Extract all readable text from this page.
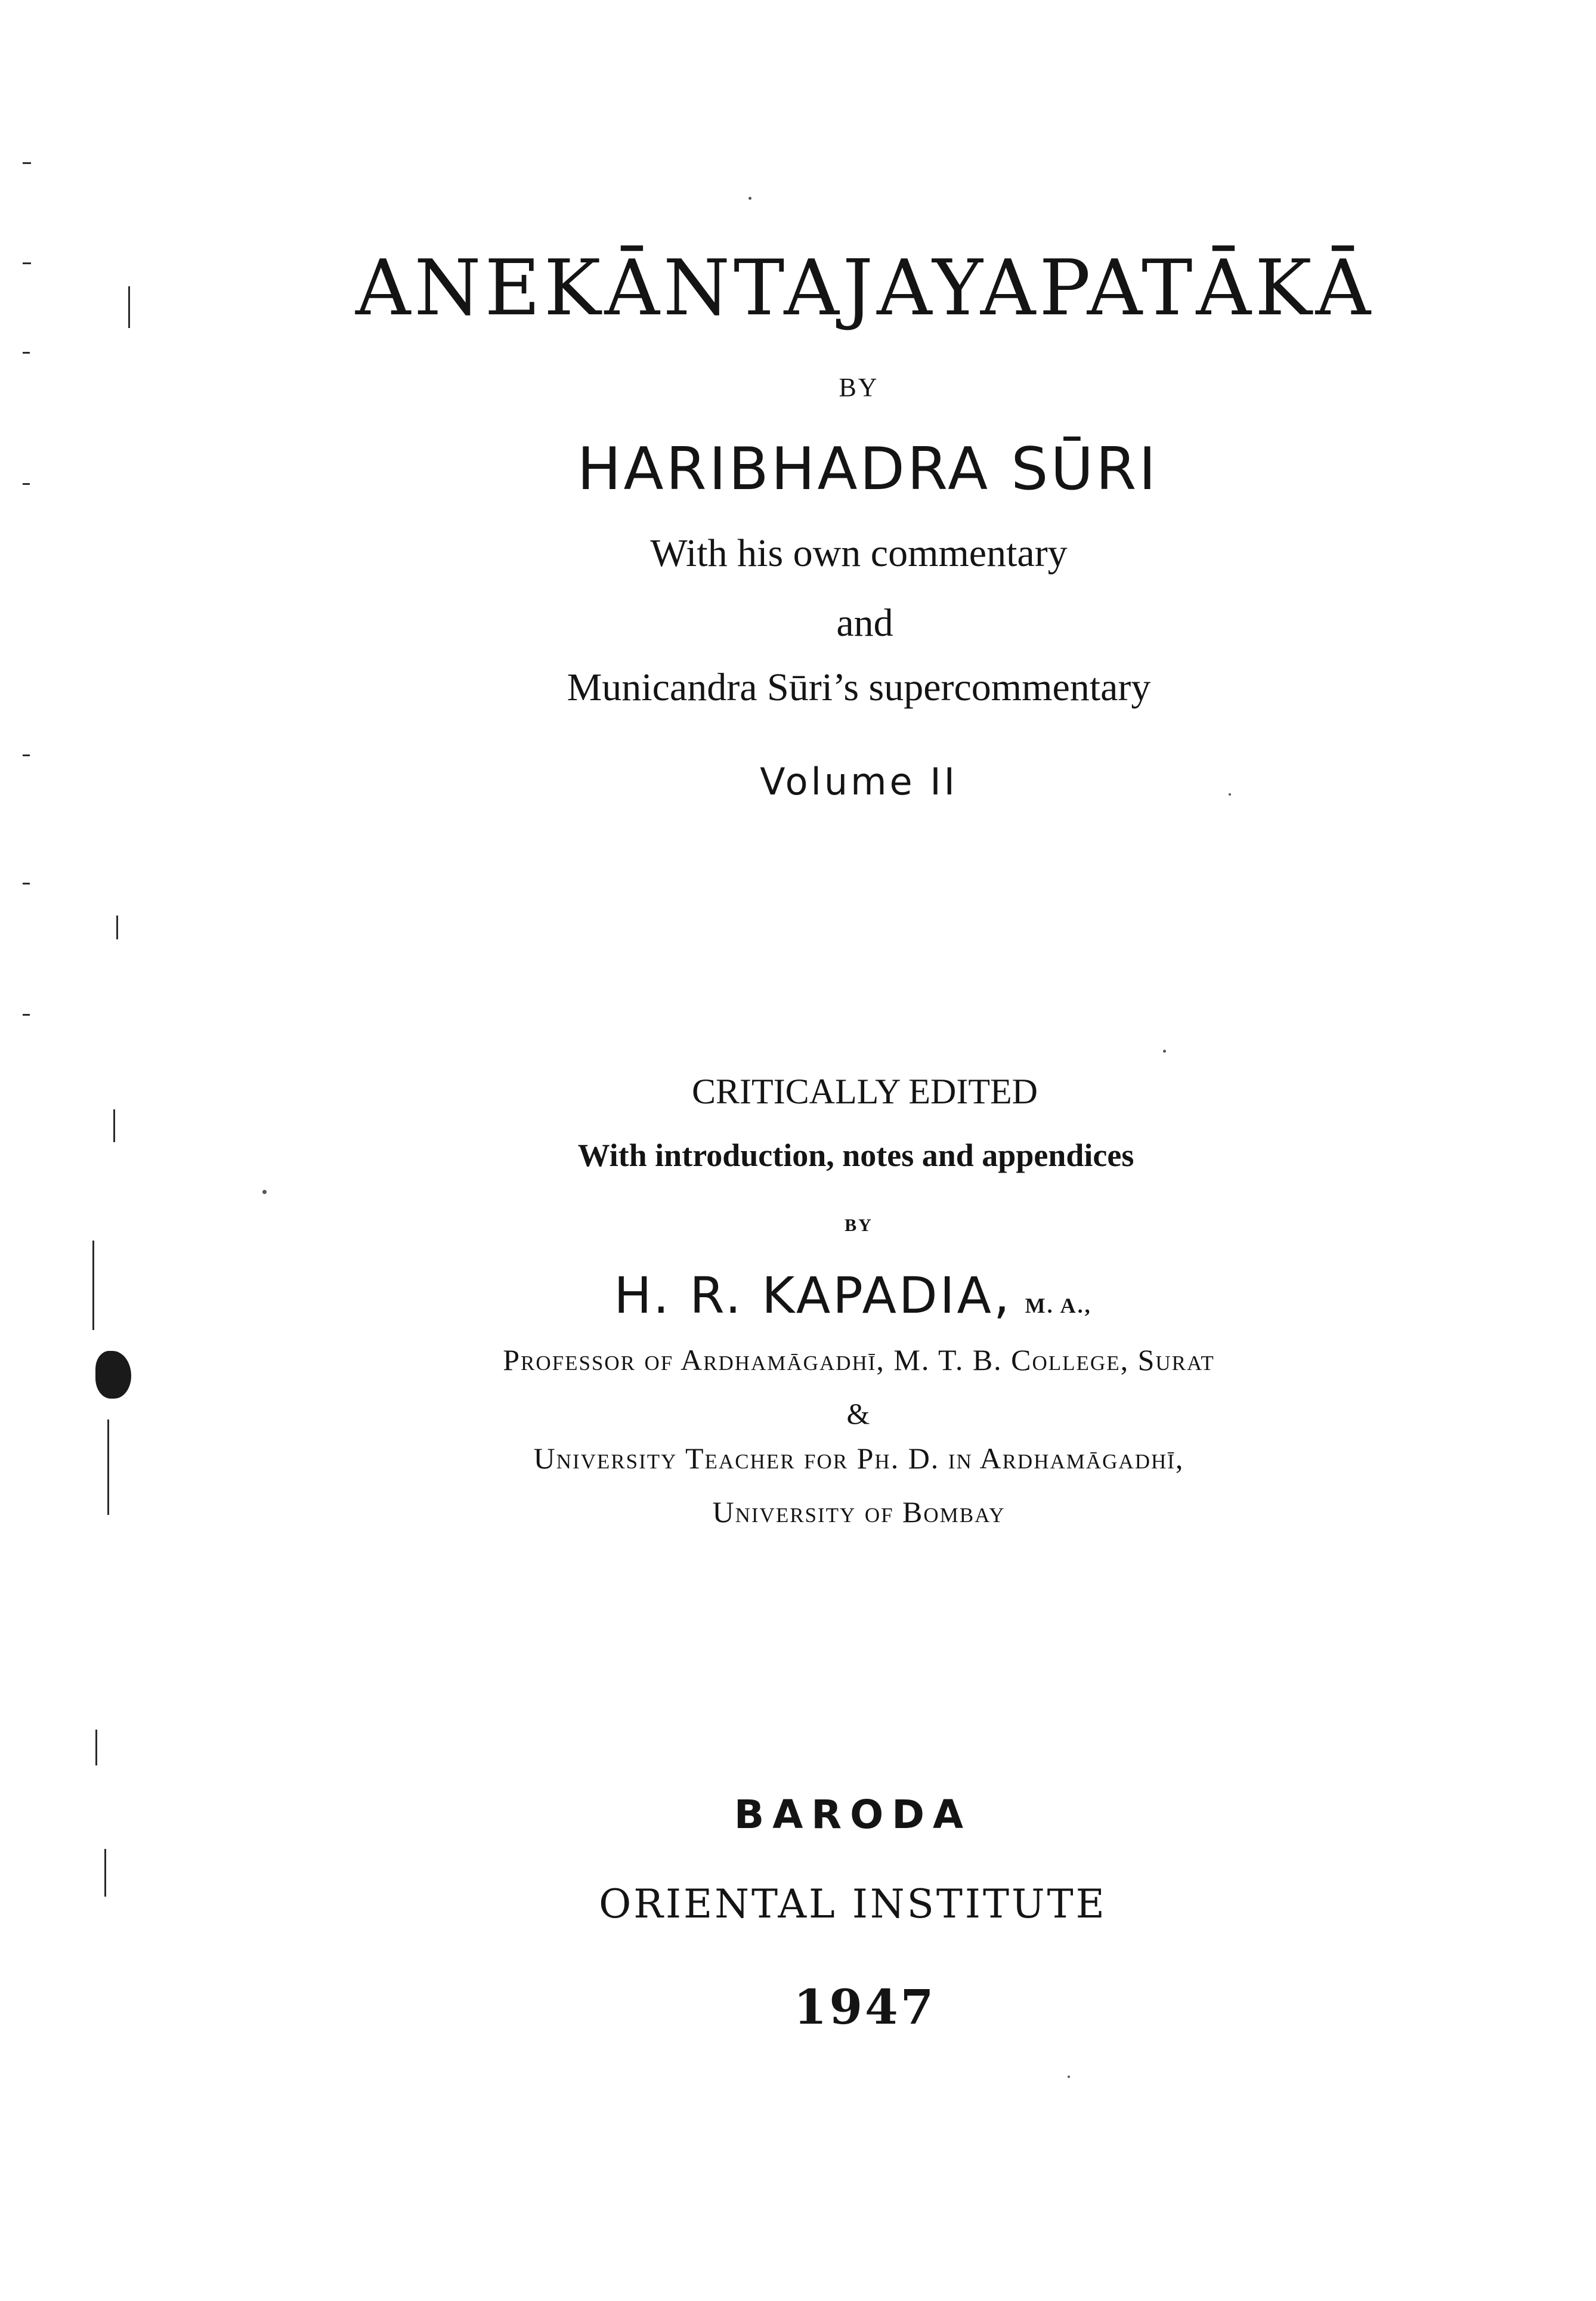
ANEKĀNTAJAYAPATĀKĀ
BY
HARIBHADRA SŪRI
With his own commentary
and
Municandra Sūri’s supercommentary
Volume II
CRITICALLY EDITED
With introduction, notes and appendices
BY
H. R. KAPADIA, M. A.,
Professor of Ardhamāgadhī, M. T. B. College, Surat
&
University Teacher for Ph. D. in Ardhamāgadhī,
University of Bombay
BARODA
ORIENTAL INSTITUTE
1947
